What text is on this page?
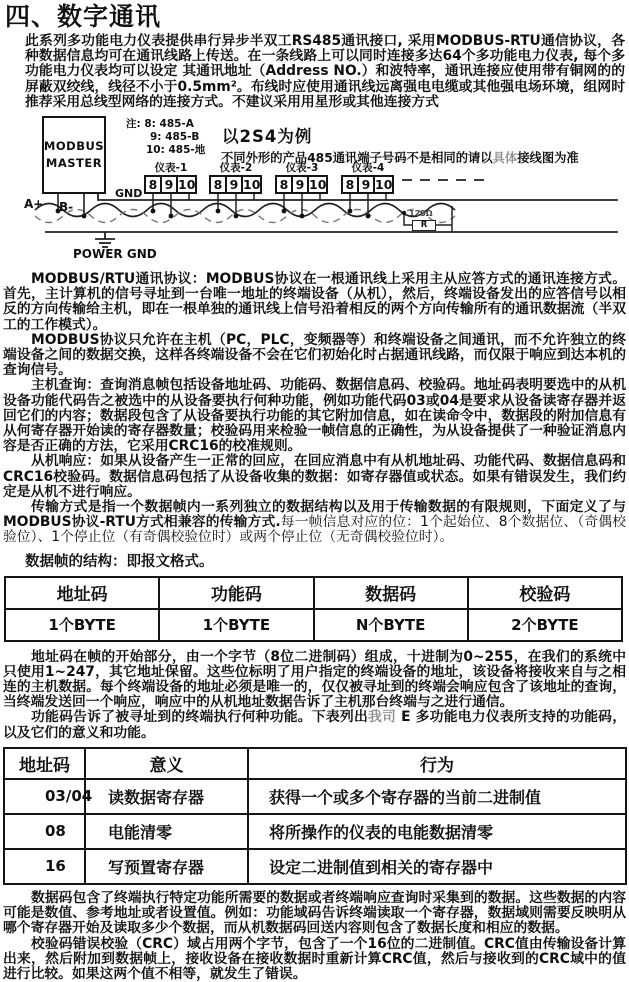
四、数字通讯

此系列多功能电力仪表提供串行异步半双工RS485通讯接口, 采用MODBUS-RTU通信协议，各种数据信息均可在通讯线路上传送。在一条线路上可以同时连接多达64个多功能电力仪表, 每个多功能电力仪表均可以设定 其通讯地址（Address NO.）和波特率，通讯连接应使用带有铜网的的屏蔽双绞线，线径不小于0.5mm²。布线时应使用通讯线远离强电电缆或其他强电场环境，组网时推荐采用总线型网络的连接方式。不建议采用用星形或其他连接方式

MODBUS
MASTER
注: 8: 485-A
9: 485-B
10: 485-地
以2S4为例
不同外形的产品485通讯端子号码不是相同的请以具体接线图为准
仪表-1
8 9 10
仪表-2
8 9 10
仪表-3
8 9 10
仪表-4
8 9 10
A+ B-
GND
POWER GND
120Ω
R

MODBUS/RTU通讯协议：MODBUS协议在一根通讯线上采用主从应答方式的通讯连接方式。首先，主计算机的信号寻址到一台唯一地址的终端设备（从机），然后，终端设备发出的应答信号以相反的方向传输给主机，即在一根单独的通讯线上信号沿着相反的两个方向传输所有的通讯数据流（半双工的工作模式）。

MODBUS协议只允许在主机（PC，PLC，变频器等）和终端设备之间通讯，而不允许独立的终端设备之间的数据交换，这样各终端设备不会在它们初始化时占据通讯线路，而仅限于响应到达本机的查询信号。

主机查询：查询消息帧包括设备地址码、功能码、数据信息码、校验码。地址码表明要选中的从机设备功能代码告之被选中的从设备要执行何种功能，例如功能代码03或04是要求从设备读寄存器并返回它们的内容；数据段包含了从设备要执行功能的其它附加信息，如在读命令中，数据段的附加信息有从何寄存器开始读的寄存器数量；校验码用来检验一帧信息的正确性，为从设备提供了一种验证消息内容是否正确的方法，它采用CRC16的校准规则。

从机响应：如果从设备产生一正常的回应，在回应消息中有从机地址码、功能代码、数据信息码和CRC16校验码。数据信息码包括了从设备收集的数据：如寄存器值或状态。如果有错误发生，我们约定是从机不进行响应。

传输方式是指一个数据帧内一系列独立的数据结构以及用于传输数据的有限规则，下面定义了与MODBUS协议-RTU方式相兼容的传输方式.每一帧信息对应的位：1个起始位、8个数据位、（奇偶校验位）、1个停止位（有奇偶校验位时）或两个停止位（无奇偶校验位时）。

数据帧的结构：即报文格式。
地址码	功能码	数据码	校验码
1个BYTE	1个BYTE	N个BYTE	2个BYTE

地址码在帧的开始部分，由一个字节（8位二进制码）组成，十进制为0~255，在我们的系统中只使用1~247，其它地址保留。这些位标明了用户指定的终端设备的地址，该设备将接收来自与之相连的主机数据。每个终端设备的地址必须是唯一的，仅仅被寻址到的终端会响应包含了该地址的查询，当终端发送回一个响应，响应中的从机地址数据告诉了主机那台终端与之进行通信。

功能码告诉了被寻址到的终端执行何种功能。下表列出我司 E 多功能电力仪表所支持的功能码，以及它们的意义和功能。

地址码	意义	行为
03/04	读数据寄存器	获得一个或多个寄存器的当前二进制值
08	电能清零	将所操作的仪表的电能数据清零
16	写预置寄存器	设定二进制值到相关的寄存器中

数据码包含了终端执行特定功能所需要的数据或者终端响应查询时采集到的数据。这些数据的内容可能是数值、参考地址或者设置值。例如：功能域码告诉终端读取一个寄存器，数据域则需要反映明从哪个寄存器开始及读取多少个数据，而从机数据码回送内容则包含了数据长度和相应的数据。

校验码错误校验（CRC）域占用两个字节，包含了一个16位的二进制值。CRC值由传输设备计算出来，然后附加到数据帧上，接收设备在接收数据时重新计算CRC值，然后与接收到的CRC域中的值进行比较。如果这两个值不相等，就发生了错误。
